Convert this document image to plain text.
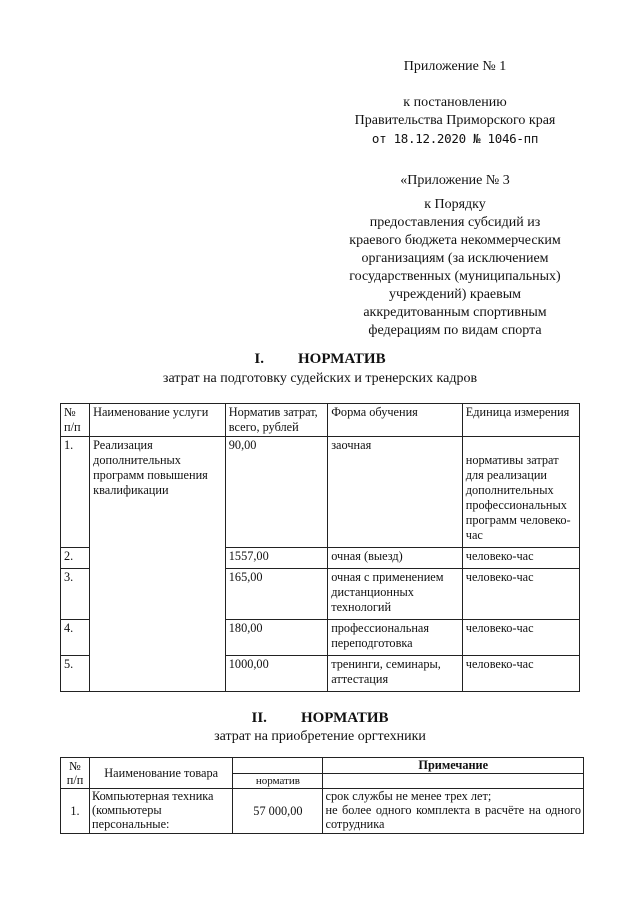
Приложение № 1
к постановлению
Правительства Приморского края
от 18.12.2020 № 1046-пп
«Приложение № 3
к Порядку
предоставления субсидий из
краевого бюджета некоммерческим
организациям (за исключением
государственных (муниципальных)
учреждений) краевым
аккредитованным спортивным
федерациям по видам спорта
I. НОРМАТИВ
затрат на подготовку судейских и тренерских кадров
№ п/п	Наименование услуги	Норматив затрат, всего, рублей	Форма обучения	Единица измерения
1.	Реализация дополнительных программ повышения квалификации	90,00	заочная	нормативы затрат для реализации дополнительных профессиональных программ человеко-час
2.		1557,00	очная (выезд)	человеко-час
3.		165,00	очная с применением дистанционных технологий	человеко-час
4.		180,00	профессиональная переподготовка	человеко-час
5.		1000,00	тренинги, семинары, аттестация	человеко-час
II. НОРМАТИВ
затрат на приобретение оргтехники
№ п/п	Наименование товара		Примечание
		норматив	
1.	Компьютерная техника (компьютеры персональные:	57 000,00	срок службы не менее трех лет;
не более одного комплекта в расчёте на одного сотрудника
